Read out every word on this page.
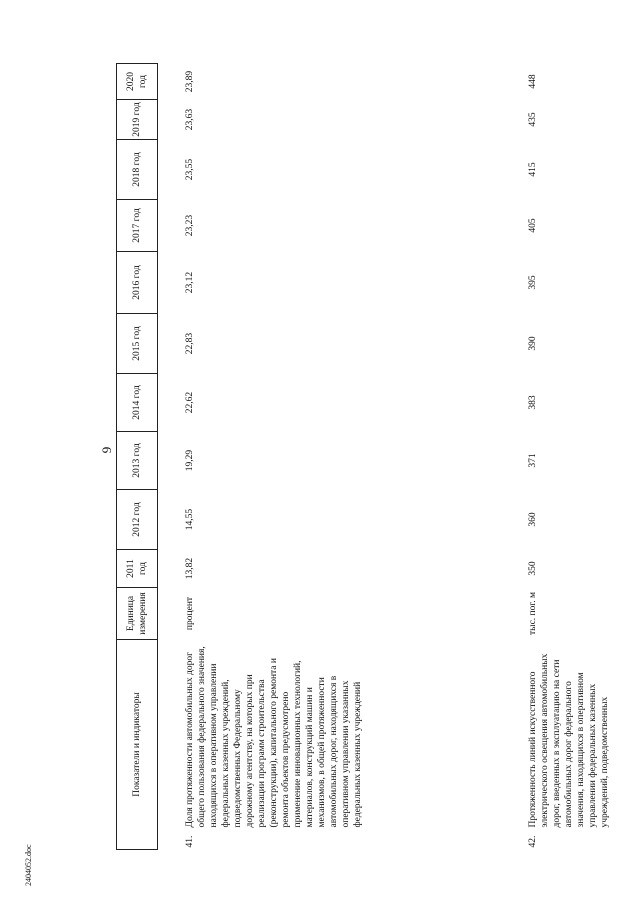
9
Показатели и индикаторы		Единица измерения	2011 год	2012 год	2013 год	2014 год	2015 год	2016 год	2017 год	2018 год	2019 год	2020 год
41.	Доля протяженности автомобильных дорог общего пользования федерального значения, находящихся в оперативном управлении федеральных казенных учреждений, подведомственных Федеральному дорожному агентству, на которых при реализации программ строительства (реконструкции), капитального ремонта и ремонта объектов предусмотрено применение инновационных технологий, материалов, конструкций машин и механизмов, в общей протяженности автомобильных дорог, находящихся в оперативном управлении указанных федеральных казенных учреждений	процент	13,82	14,55	19,29	22,62	22,83	23,12	23,23	23,55	23,63	23,89
42.	Протяженность линий искусственного электрического освещения автомобильных дорог, введенных в эксплуатацию на сети автомобильных дорог федерального значения, находящихся в оперативном управлении федеральных казенных учреждений, подведомственных	тыс. пог. м	350	360	371	383	390	395	405	415	435	448
2404052.doc
